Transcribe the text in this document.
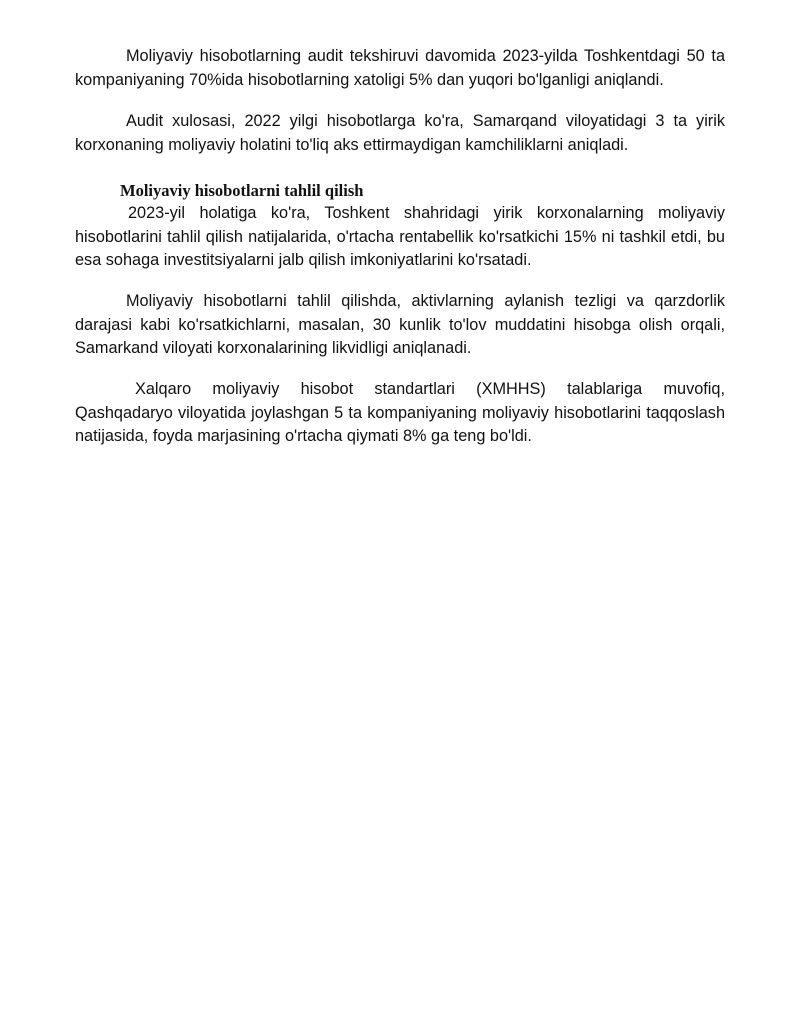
Moliyaviy hisobotlarning audit tekshiruvi davomida 2023-yilda Toshkentdagi 50 ta kompaniyaning 70%ida hisobotlarning xatoligi 5% dan yuqori bo'lganligi aniqlandi.

Audit xulosasi, 2022 yilgi hisobotlarga ko'ra, Samarqand viloyatidagi 3 ta yirik korxonaning moliyaviy holatini to'liq aks ettirmaydigan kamchiliklarni aniqladi.

Moliyaviy hisobotlarni tahlil qilish

2023-yil holatiga ko'ra, Toshkent shahridagi yirik korxonalarning moliyaviy hisobotlarini tahlil qilish natijalarida, o'rtacha rentabellik ko'rsatkichi 15% ni tashkil etdi, bu esa sohaga investitsiyalarni jalb qilish imkoniyatlarini ko'rsatadi.

Moliyaviy hisobotlarni tahlil qilishda, aktivlarning aylanish tezligi va qarzdorlik darajasi kabi ko'rsatkichlarni, masalan, 30 kunlik to'lov muddatini hisobga olish orqali, Samarkand viloyati korxonalarining likvidligi aniqlanadi.

Xalqaro moliyaviy hisobot standartlari (XMHHS) talablariga muvofiq, Qashqadaryo viloyatida joylashgan 5 ta kompaniyaning moliyaviy hisobotlarini taqqoslash natijasida, foyda marjasining o'rtacha qiymati 8% ga teng bo'ldi.
